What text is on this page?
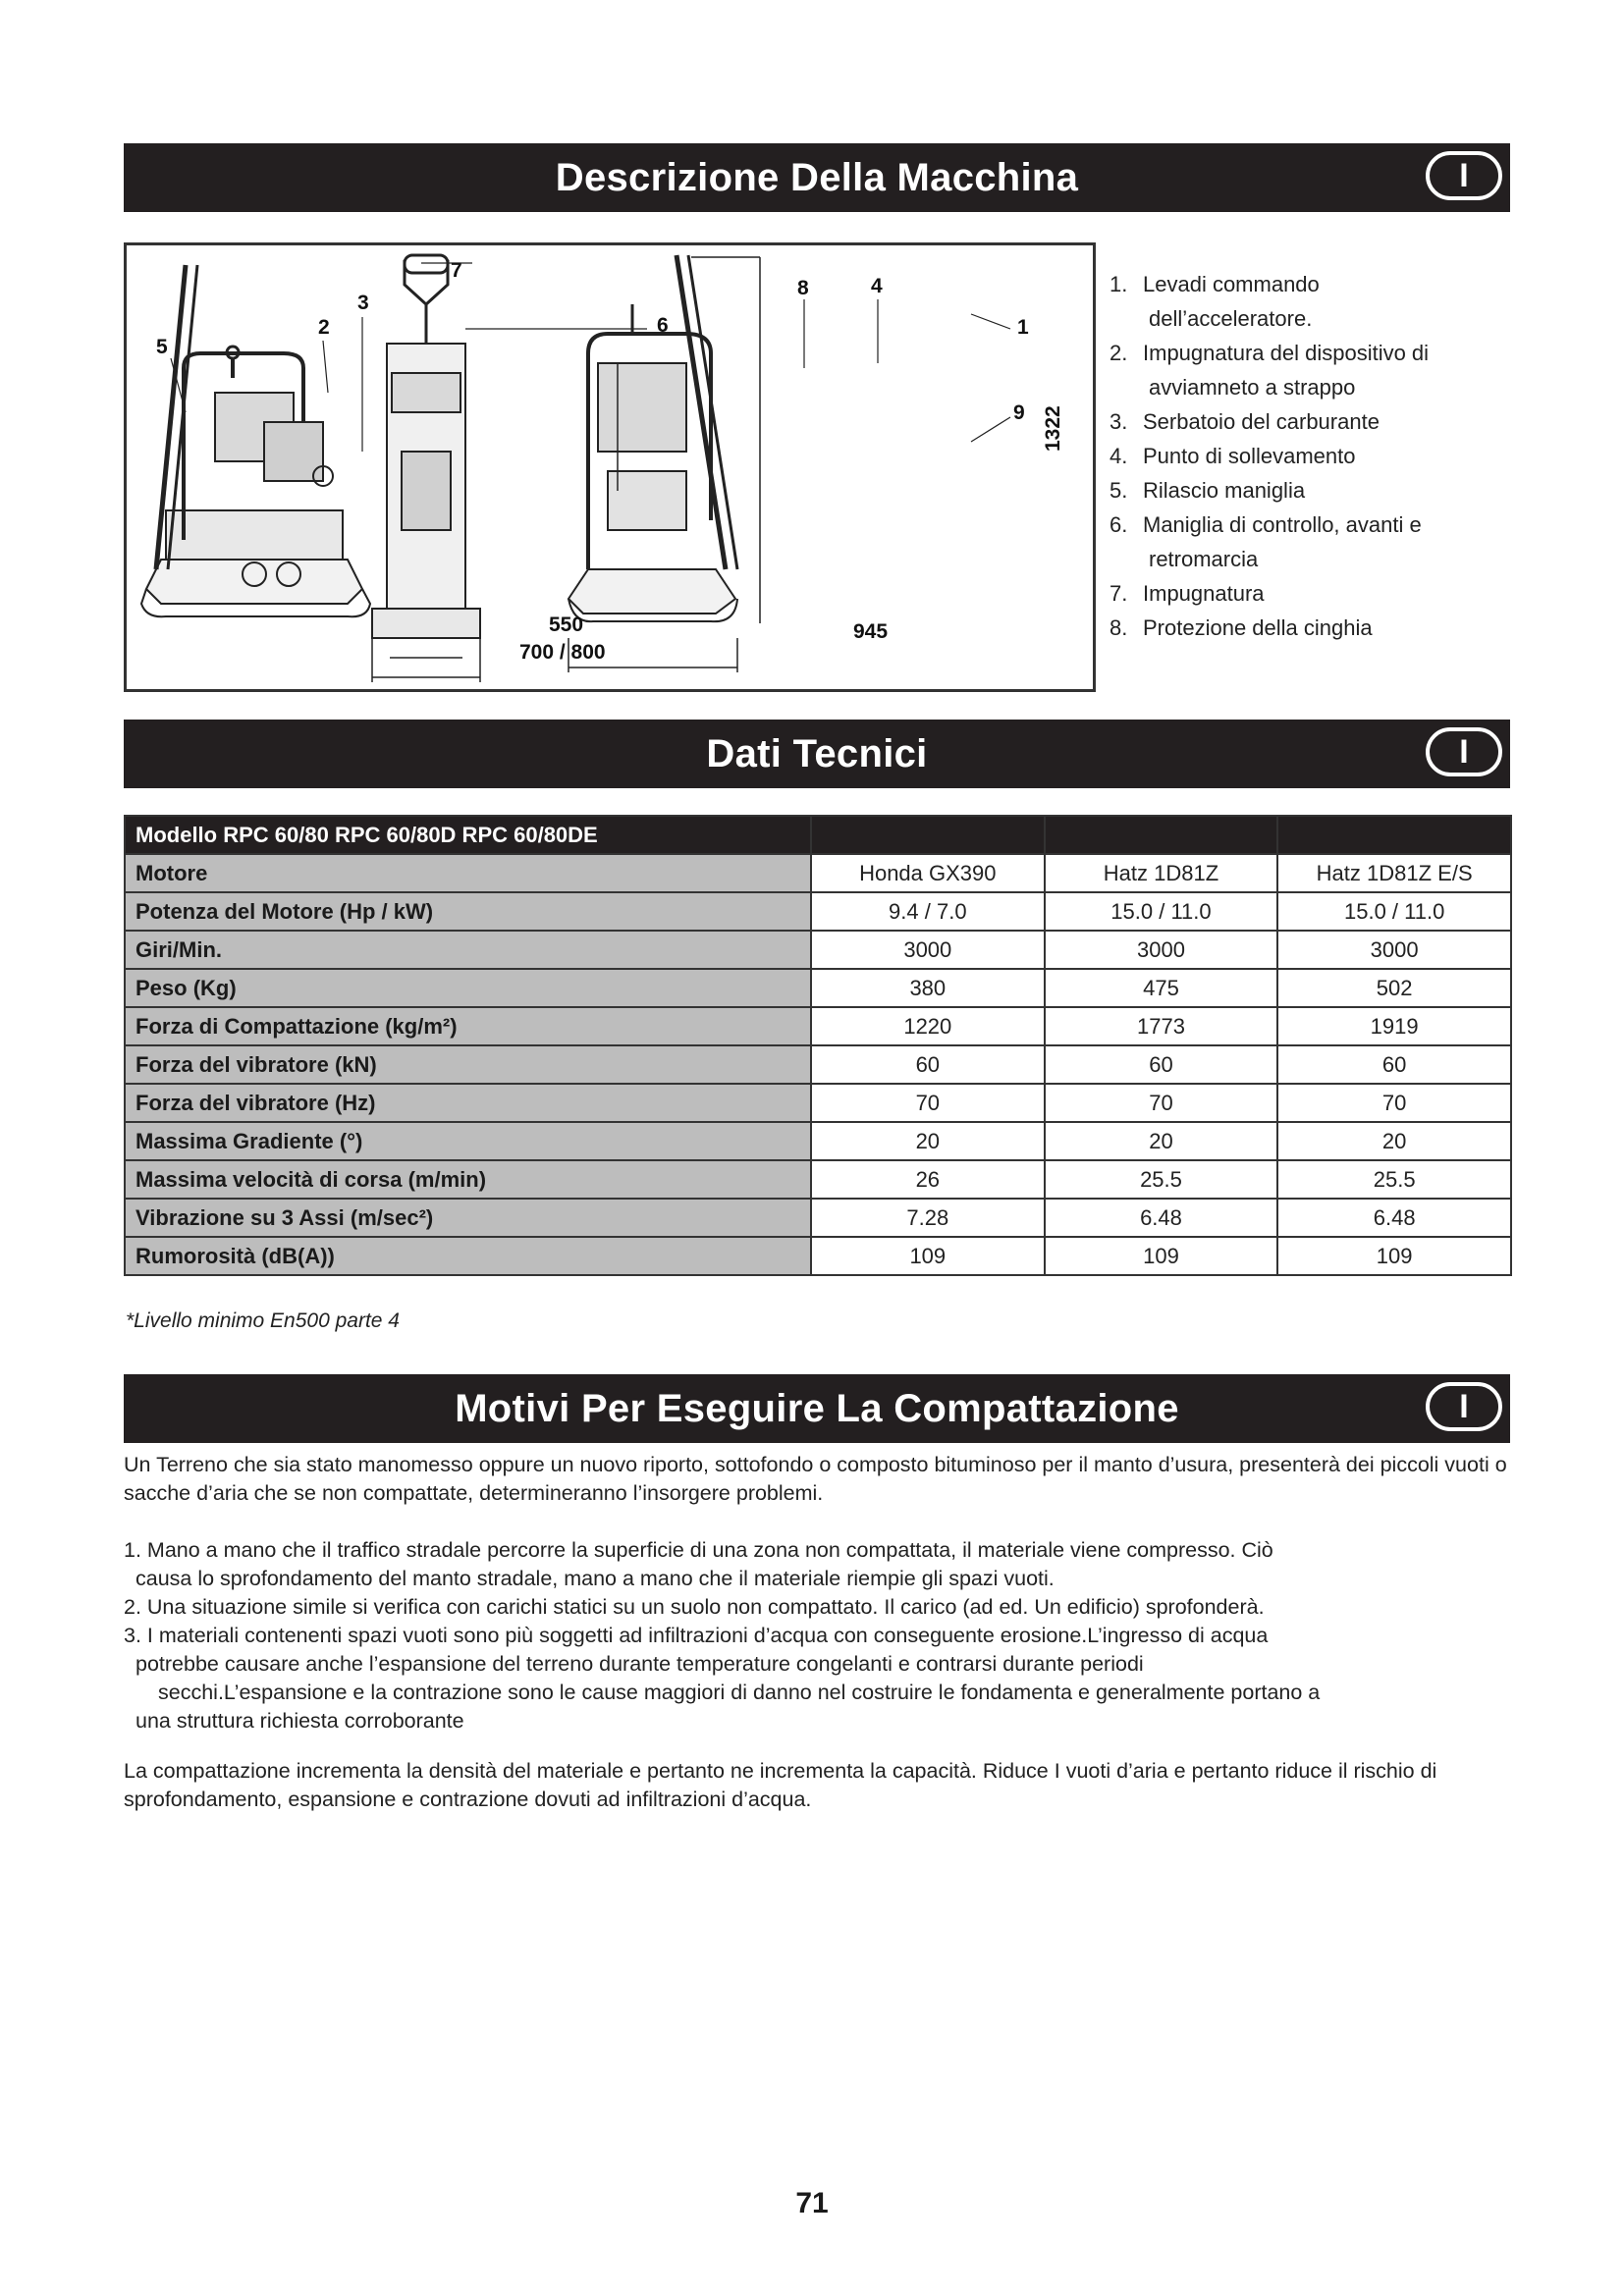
Descrizione Della Macchina	I
7
3
2
5
6
8	4
1
9 1322
945
550
700 / 800
1. Levadi commando
dell’acceleratore.
2. Impugnatura del dispositivo di
avviamneto a strappo
3. Serbatoio del carburante
4. Punto di sollevamento
5. Rilascio maniglia
6. Maniglia di controllo, avanti e
retromarcia
7. Impugnatura
8. Protezione della cinghia
Dati Tecnici	I
Modello RPC 60/80 RPC 60/80D RPC 60/80DE			
Motore	Honda GX390	Hatz 1D81Z	Hatz 1D81Z E/S
Potenza del Motore (Hp / kW)	9.4 / 7.0	15.0 / 11.0	15.0 / 11.0
Giri/Min.	3000	3000	3000
Peso (Kg)	380	475	502
Forza di Compattazione (kg/m²)	1220	1773	1919
Forza del vibratore (kN)	60	60	60
Forza del vibratore (Hz)	70	70	70
Massima Gradiente (°)	20	20	20
Massima velocità di corsa (m/min)	26	25.5	25.5
Vibrazione su 3 Assi (m/sec²)	7.28	6.48	6.48
Rumorosità (dB(A))	109	109	109
*Livello minimo En500 parte 4
Motivi Per Eseguire La Compattazione	I
Un Terreno che sia stato manomesso oppure un nuovo riporto, sottofondo o composto bituminoso per il manto d’usura, presenterà dei piccoli vuoti o sacche d’aria che se non compattate, determineranno l’insorgere problemi.
1. Mano a mano che il traffico stradale percorre la superficie di una zona non compattata, il materiale viene compresso. Ciò
causa lo sprofondamento del manto stradale, mano a mano che il materiale riempie gli spazi vuoti.
2. Una situazione simile si verifica con carichi statici su un suolo non compattato. Il carico (ad ed. Un edificio) sprofonderà.
3. I materiali contenenti spazi vuoti sono più soggetti ad infiltrazioni d’acqua con conseguente erosione.L’ingresso di acqua
potrebbe causare anche l’espansione del terreno durante temperature congelanti e contrarsi durante periodi
secchi.L’espansione e la contrazione sono le cause maggiori di danno nel costruire le fondamenta e generalmente portano a
una struttura richiesta corroborante
La compattazione incrementa la densità del materiale e pertanto ne incrementa la capacità. Riduce I vuoti d’aria e pertanto riduce il rischio di sprofondamento, espansione e contrazione dovuti ad infiltrazioni d’acqua.
71
